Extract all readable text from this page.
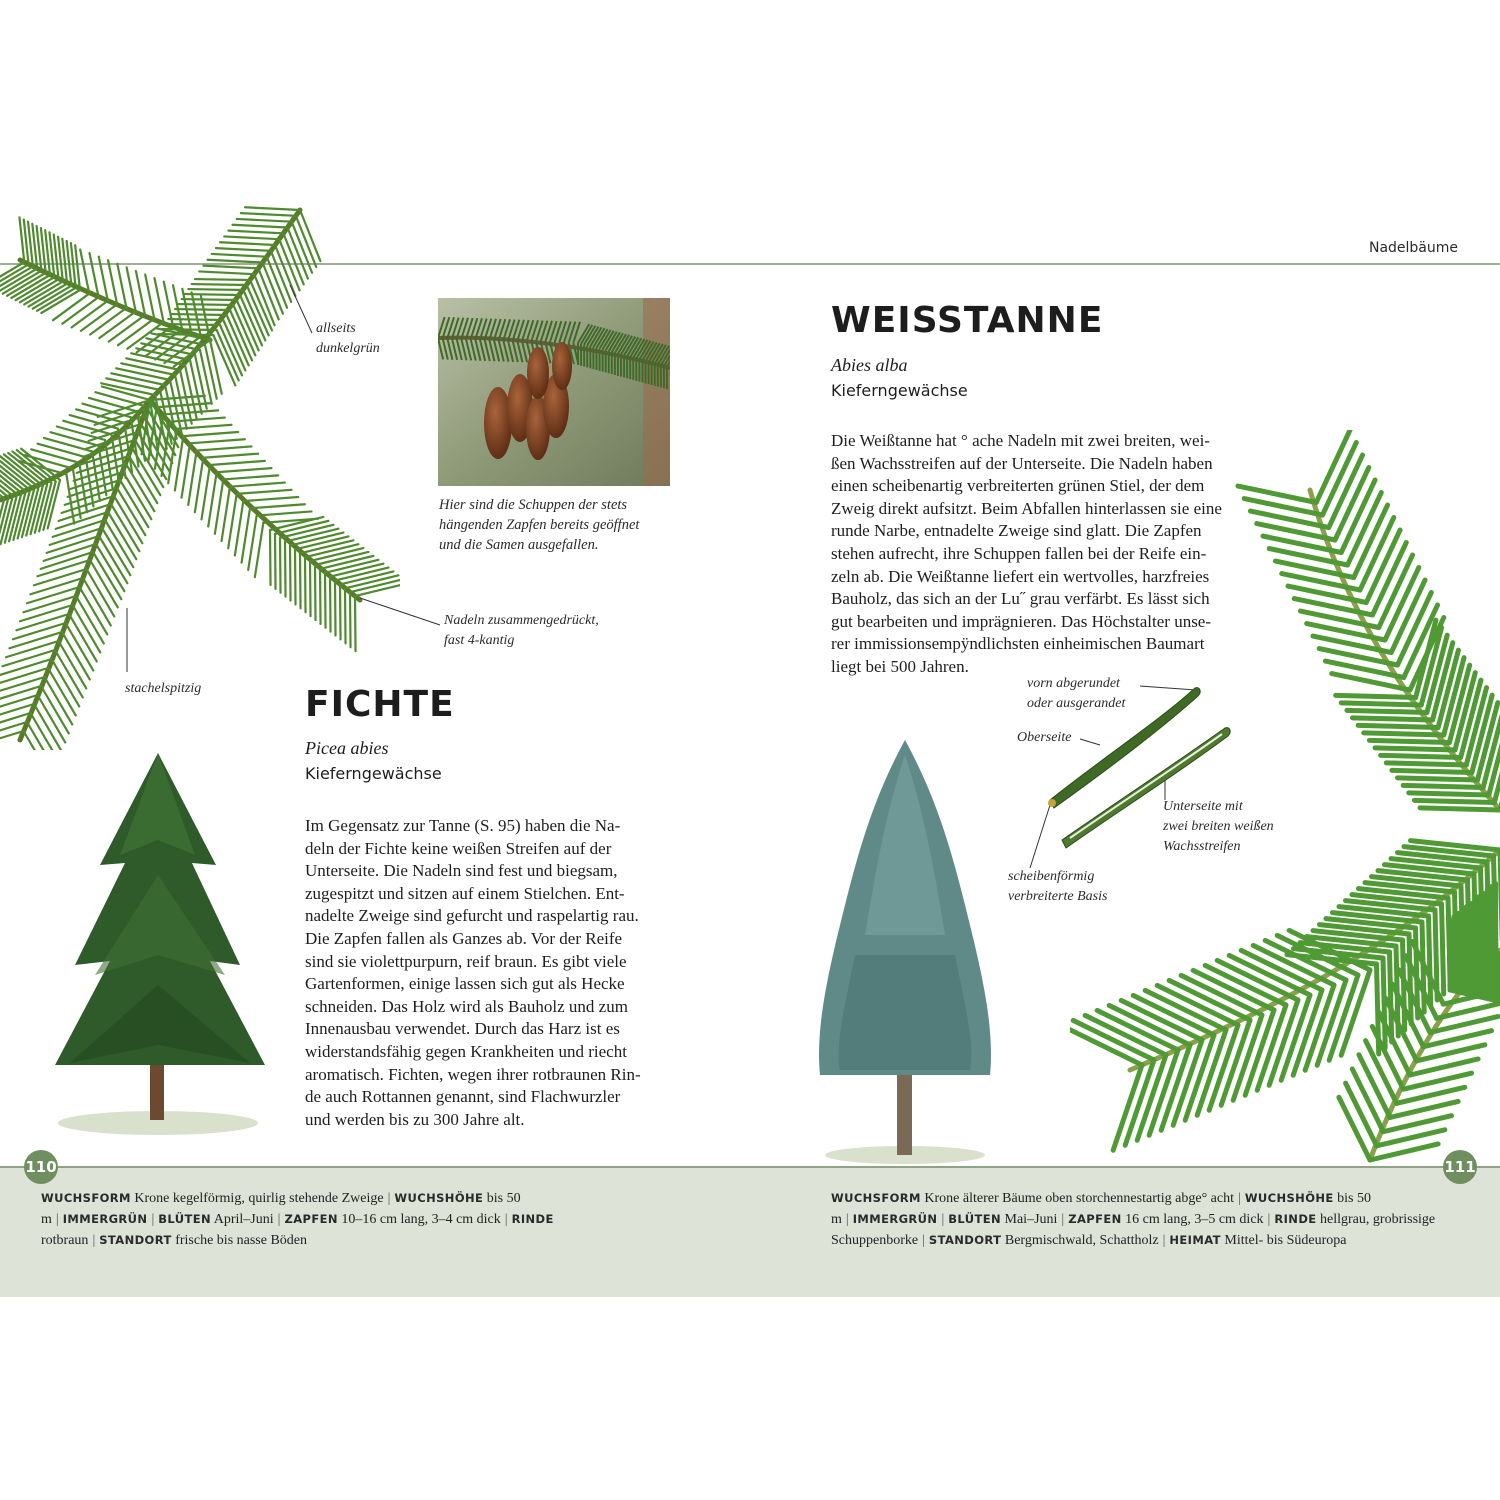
Nadelbäume
Hier sind die Schuppen der stets
hängenden Zapfen bereits geöffnet
und die Samen ausgefallen.
allseits
dunkelgrün
Nadeln zusammengedrückt,
fast 4-kantig
stachelspitzig	FICHTE
Picea abies
Kieferngewächse
Im Gegensatz zur Tanne (S. 95) haben die Na-
deln der Fichte keine weißen Streifen auf der
Unterseite. Die Nadeln sind fest und biegsam,
zugespitzt und sitzen auf einem Stielchen. Ent-
nadelte Zweige sind gefurcht und raspelartig rau.
Die Zapfen fallen als Ganzes ab. Vor der Reife
sind sie violettpurpurn, reif braun. Es gibt viele
Gartenformen, einige lassen sich gut als Hecke
schneiden. Das Holz wird als Bauholz und zum
Innenausbau verwendet. Durch das Harz ist es
widerstandsfähig gegen Krankheiten und riecht
aromatisch. Fichten, wegen ihrer rotbraunen Rin-
de auch Rottannen genannt, sind Flachwurzler
und werden bis zu 300 Jahre alt.
WEISSTANNE
Abies alba
Kieferngewächse
Die Weißtanne hat ° ache Nadeln mit zwei breiten, wei-
ßen Wachsstreifen auf der Unterseite. Die Nadeln haben
einen scheibenartig verbreiterten grünen Stiel, der dem
Zweig direkt aufsitzt. Beim Abfallen hinterlassen sie eine
runde Narbe, entnadelte Zweige sind glatt. Die Zapfen
stehen aufrecht, ihre Schuppen fallen bei der Reife ein-
zeln ab. Die Weißtanne liefert ein wertvolles, harzfreies
Bauholz, das sich an der Lu˝ grau verfärbt. Es lässt sich
gut bearbeiten und imprägnieren. Das Höchstalter unse-
rer immissionsempÿndlichsten einheimischen Baumart
liegt bei 500 Jahren.
vorn abgerundet
oder ausgerandet
Oberseite
Unterseite mit
zwei breiten weißen
Wachsstreifen
scheibenförmig
verbreiterte Basis
110	111
WUCHSFORM Krone kegelförmig, quirlig stehende Zweige | WUCHSHÖHE bis 50 m | IMMERGRÜN | BLÜTEN April–Juni | ZAPFEN 10–16 cm lang, 3–4 cm dick | RINDE rotbraun | STANDORT frische bis nasse Böden
WUCHSFORM Krone älterer Bäume oben storchennestartig abge° acht | WUCHSHÖHE bis 50 m | IMMERGRÜN | BLÜTEN Mai–Juni | ZAPFEN 16 cm lang, 3–5 cm dick | RINDE hellgrau, grobrissige Schuppenborke | STANDORT Bergmischwald, Schattholz | HEIMAT Mittel- bis Südeuropa
